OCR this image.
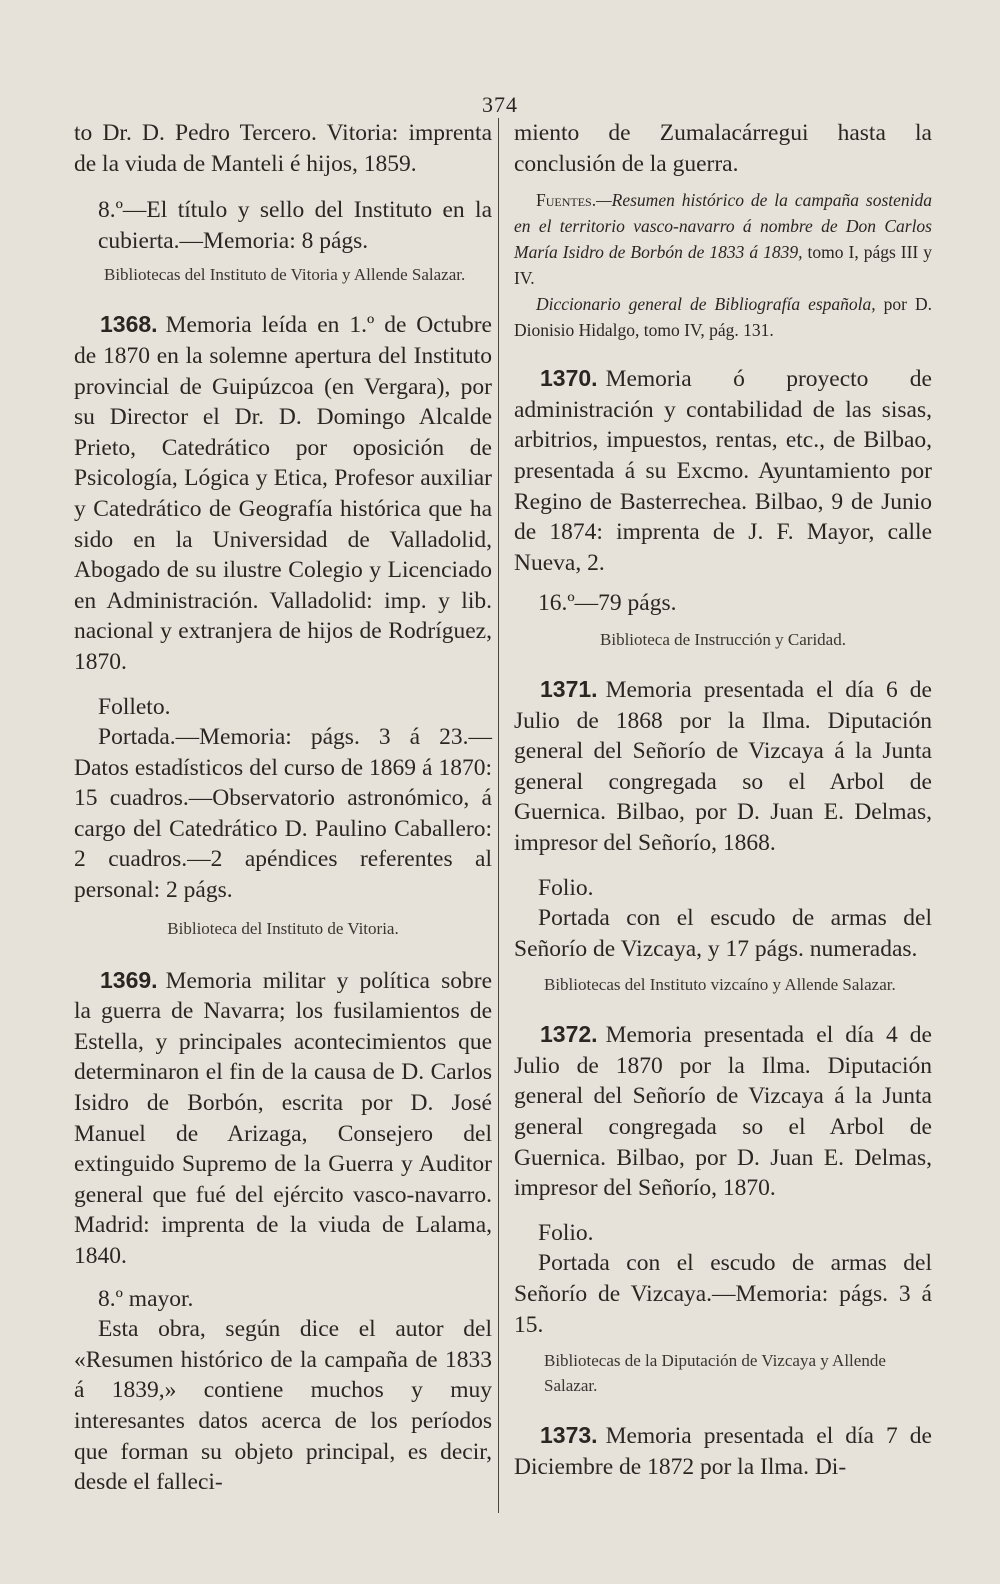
374

to Dr. D. Pedro Tercero. Vitoria: imprenta de la viuda de Manteli é hijos, 1859.

8.º—El título y sello del Instituto en la cubierta.—Memoria: 8 págs.

Bibliotecas del Instituto de Vitoria y Allende Salazar.

1368. Memoria leída en 1.º de Octubre de 1870 en la solemne apertura del Instituto provincial de Guipúzcoa (en Vergara), por su Director el Dr. D. Domingo Alcalde Prieto, Catedrático por oposición de Psicología, Lógica y Etica, Profesor auxiliar y Catedrático de Geografía histórica que ha sido en la Universidad de Valladolid, Abogado de su ilustre Colegio y Licenciado en Administración. Valladolid: imp. y lib. nacional y extranjera de hijos de Rodríguez, 1870.

Folleto.

Portada.—Memoria: págs. 3 á 23.—Datos estadísticos del curso de 1869 á 1870: 15 cuadros.—Observatorio astronómico, á cargo del Catedrático D. Paulino Caballero: 2 cuadros.—2 apéndices referentes al personal: 2 págs.

Biblioteca del Instituto de Vitoria.

1369. Memoria militar y política sobre la guerra de Navarra; los fusilamientos de Estella, y principales acontecimientos que determinaron el fin de la causa de D. Carlos Isidro de Borbón, escrita por D. José Manuel de Arizaga, Consejero del extinguido Supremo de la Guerra y Auditor general que fué del ejército vasco-navarro. Madrid: imprenta de la viuda de Lalama, 1840.

8.º mayor.

Esta obra, según dice el autor del «Resumen histórico de la campaña de 1833 á 1839,» contiene muchos y muy interesantes datos acerca de los períodos que forman su objeto principal, es decir, desde el falleci-

miento de Zumalacárregui hasta la conclusión de la guerra.

Fuentes.—Resumen histórico de la campaña sostenida en el territorio vasco-navarro á nombre de Don Carlos María Isidro de Borbón de 1833 á 1839, tomo I, págs III y IV.

Diccionario general de Bibliografía española, por D. Dionisio Hidalgo, tomo IV, pág. 131.

1370. Memoria ó proyecto de administración y contabilidad de las sisas, arbitrios, impuestos, rentas, etc., de Bilbao, presentada á su Excmo. Ayuntamiento por Regino de Basterrechea. Bilbao, 9 de Junio de 1874: imprenta de J. F. Mayor, calle Nueva, 2.

16.º—79 págs.

Biblioteca de Instrucción y Caridad.

1371. Memoria presentada el día 6 de Julio de 1868 por la Ilma. Diputación general del Señorío de Vizcaya á la Junta general congregada so el Arbol de Guernica. Bilbao, por D. Juan E. Delmas, impresor del Señorío, 1868.

Folio.

Portada con el escudo de armas del Señorío de Vizcaya, y 17 págs. numeradas.

Bibliotecas del Instituto vizcaíno y Allende Salazar.

1372. Memoria presentada el día 4 de Julio de 1870 por la Ilma. Diputación general del Señorío de Vizcaya á la Junta general congregada so el Arbol de Guernica. Bilbao, por D. Juan E. Delmas, impresor del Señorío, 1870.

Folio.

Portada con el escudo de armas del Señorío de Vizcaya.—Memoria: págs. 3 á 15.

Bibliotecas de la Diputación de Vizcaya y Allende Salazar.

1373. Memoria presentada el día 7 de Diciembre de 1872 por la Ilma. Di-
